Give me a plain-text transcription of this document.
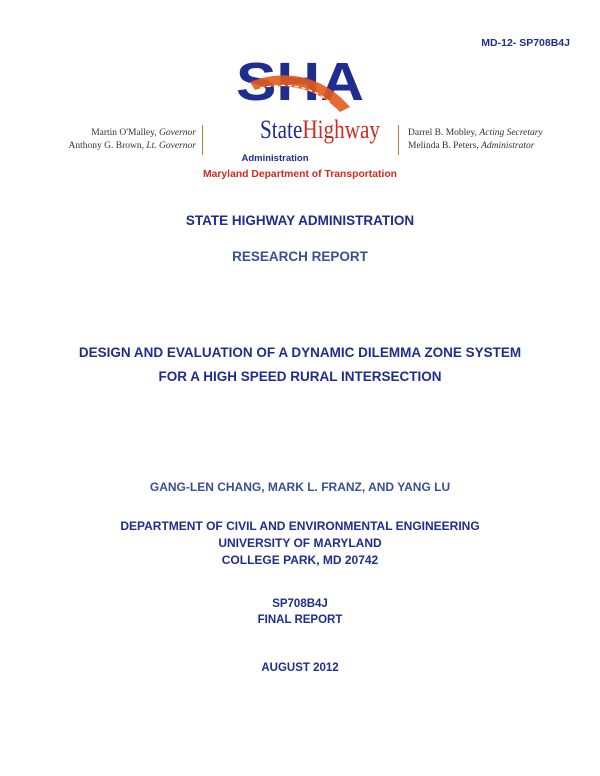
MD-12- SP708B4J
Martin O'Malley, Governor
Anthony G. Brown, Lt. Governor
Darrel B. Mobley, Acting Secretary
Melinda B. Peters, Administrator
SHA
StateHighway
Administration
Maryland Department of Transportation
STATE HIGHWAY ADMINISTRATION
RESEARCH REPORT
DESIGN AND EVALUATION OF A DYNAMIC DILEMMA ZONE SYSTEM
FOR A HIGH SPEED RURAL INTERSECTION
GANG-LEN CHANG, MARK L. FRANZ, AND YANG LU
DEPARTMENT OF CIVIL AND ENVIRONMENTAL ENGINEERING
UNIVERSITY OF MARYLAND
COLLEGE PARK, MD 20742
SP708B4J
FINAL REPORT
AUGUST 2012
